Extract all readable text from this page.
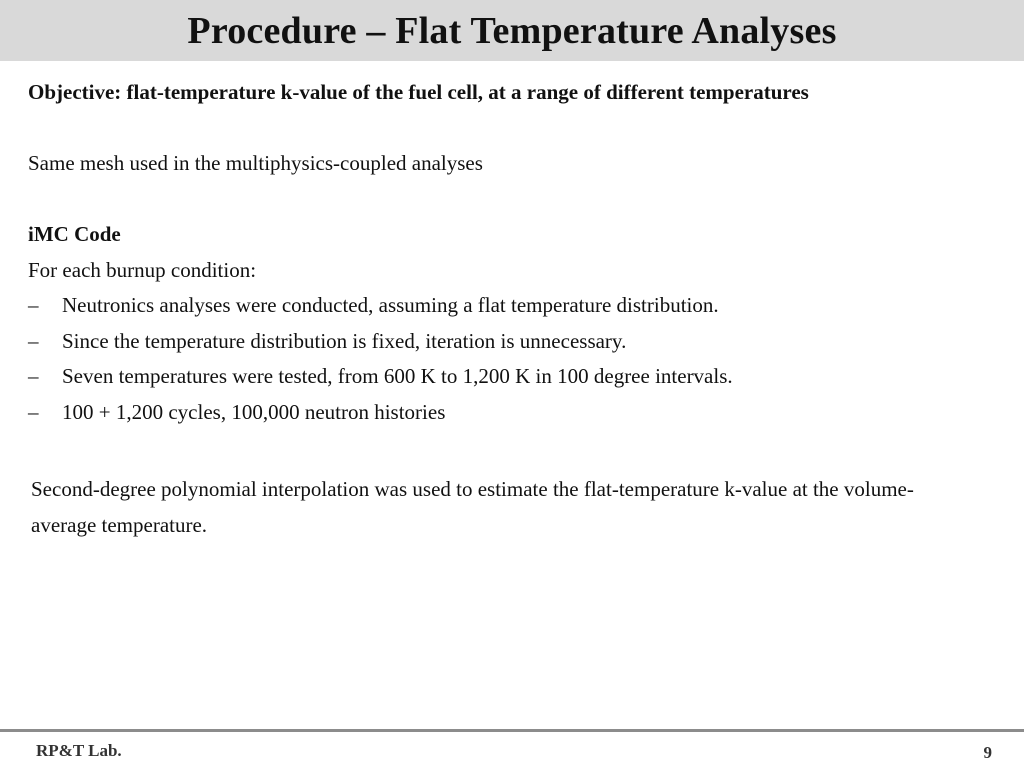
Procedure – Flat Temperature Analyses
Objective: flat-temperature k-value of the fuel cell, at a range of different temperatures
Same mesh used in the multiphysics-coupled analyses
iMC Code
For each burnup condition:
–	Neutronics analyses were conducted, assuming a flat temperature distribution.
–	Since the temperature distribution is fixed, iteration is unnecessary.
–	Seven temperatures were tested, from 600 K to 1,200 K in 100 degree intervals.
–	100 + 1,200 cycles, 100,000 neutron histories

Second-degree polynomial interpolation was used to estimate the flat-temperature k-value at the volume-average temperature.

RP&T Lab.	9
